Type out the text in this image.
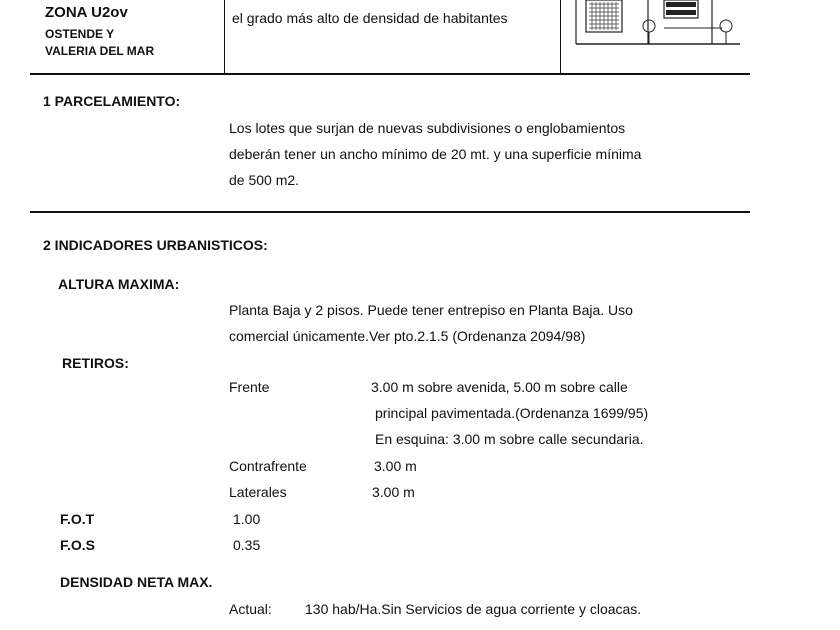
ZONA U2ov
OSTENDE Y
VALERIA DEL MAR
el grado más alto de densidad de habitantes
1 PARCELAMIENTO:
Los lotes que surjan de nuevas subdivisiones o englobamientos
deberán tener un ancho mínimo de 20 mt. y una superficie mínima
de 500 m2.
2 INDICADORES URBANISTICOS:
ALTURA MAXIMA:
Planta Baja y 2 pisos. Puede tener entrepiso en Planta Baja. Uso
comercial únicamente.Ver pto.2.1.5 (Ordenanza 2094/98)
RETIROS:
Frente	3.00 m sobre avenida, 5.00 m sobre calle
principal pavimentada.(Ordenanza 1699/95)
En esquina: 3.00 m sobre calle secundaria.
Contrafrente	3.00 m
Laterales	3.00 m
F.O.T	1.00
F.O.S	0.35
DENSIDAD NETA MAX.
Actual: 130 hab/Ha.Sin Servicios de agua corriente y cloacas.
